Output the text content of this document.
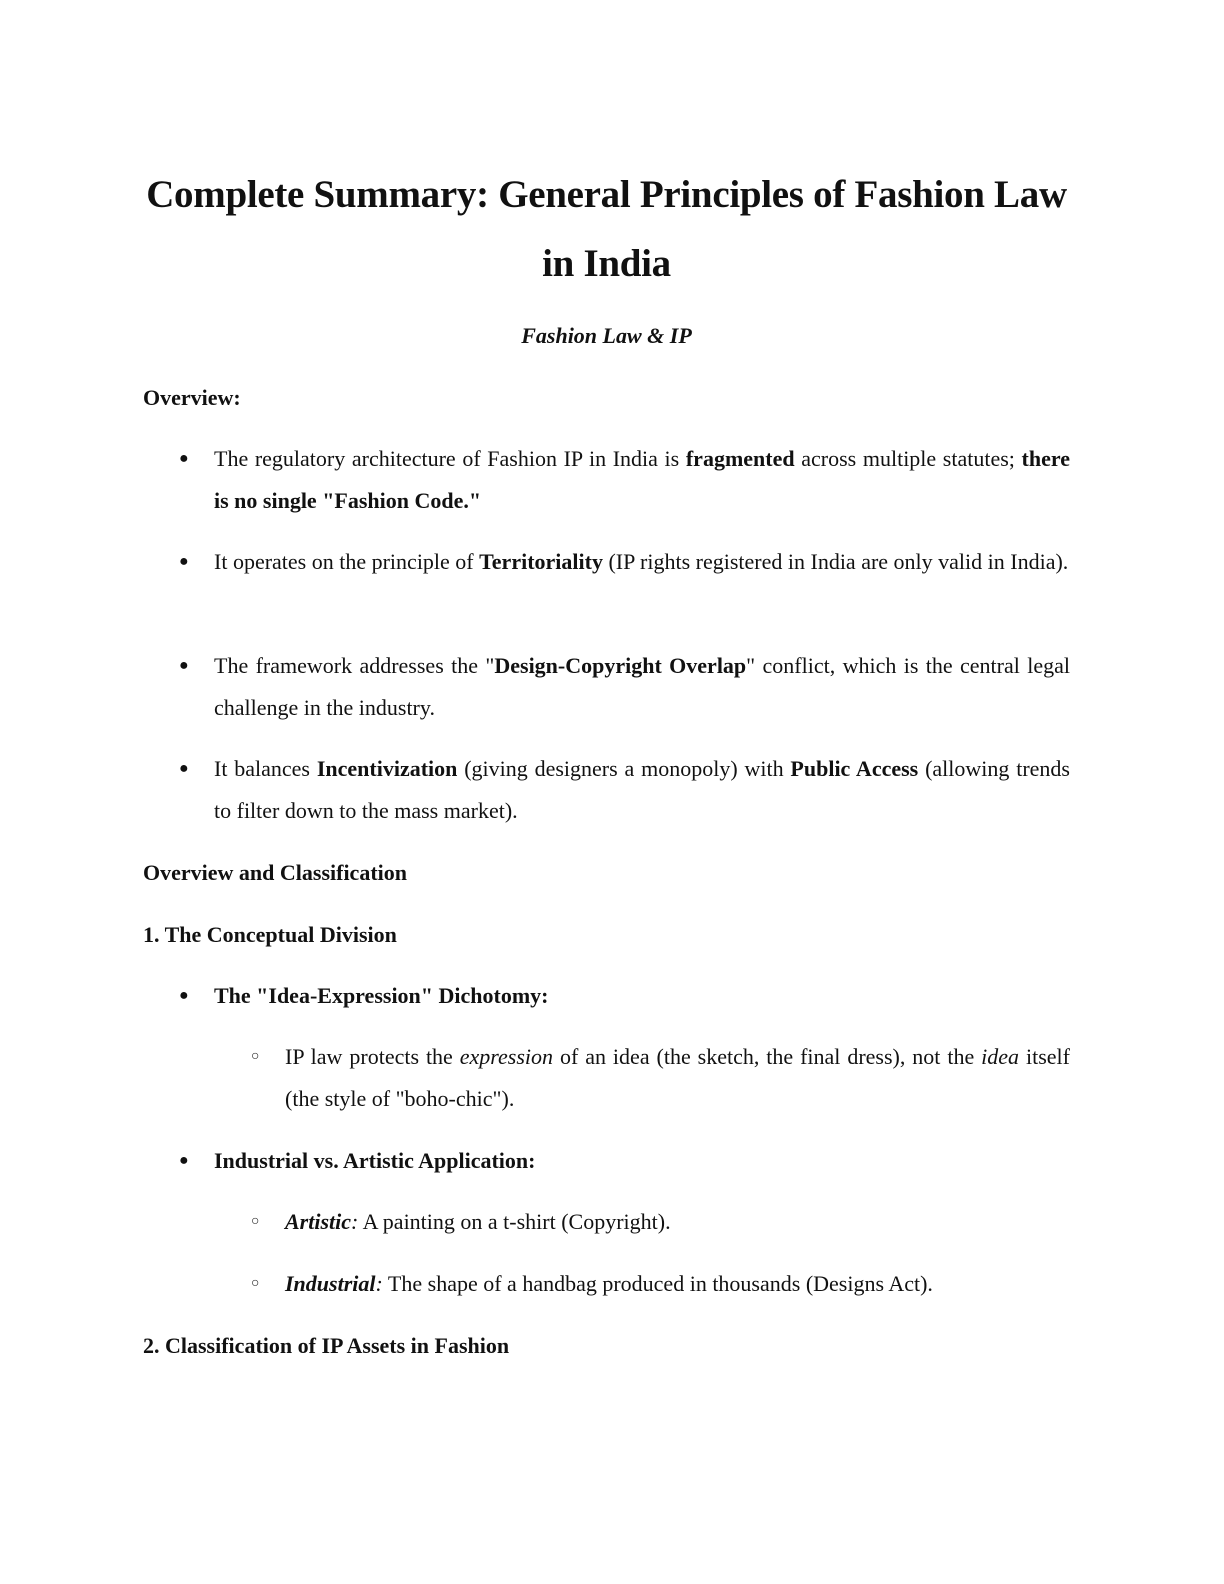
Complete Summary: General Principles of Fashion Law in India

Fashion Law & IP

Overview:

● The regulatory architecture of Fashion IP in India is fragmented across multiple statutes; there is no single "Fashion Code."

● It operates on the principle of Territoriality (IP rights registered in India are only valid in India).

● The framework addresses the "Design-Copyright Overlap" conflict, which is the central legal challenge in the industry.

● It balances Incentivization (giving designers a monopoly) with Public Access (allowing trends to filter down to the mass market).

Overview and Classification

1. The Conceptual Division

● The "Idea-Expression" Dichotomy:

○ IP law protects the expression of an idea (the sketch, the final dress), not the idea itself (the style of "boho-chic").

● Industrial vs. Artistic Application:

○ Artistic: A painting on a t-shirt (Copyright).

○ Industrial: The shape of a handbag produced in thousands (Designs Act).

2. Classification of IP Assets in Fashion
